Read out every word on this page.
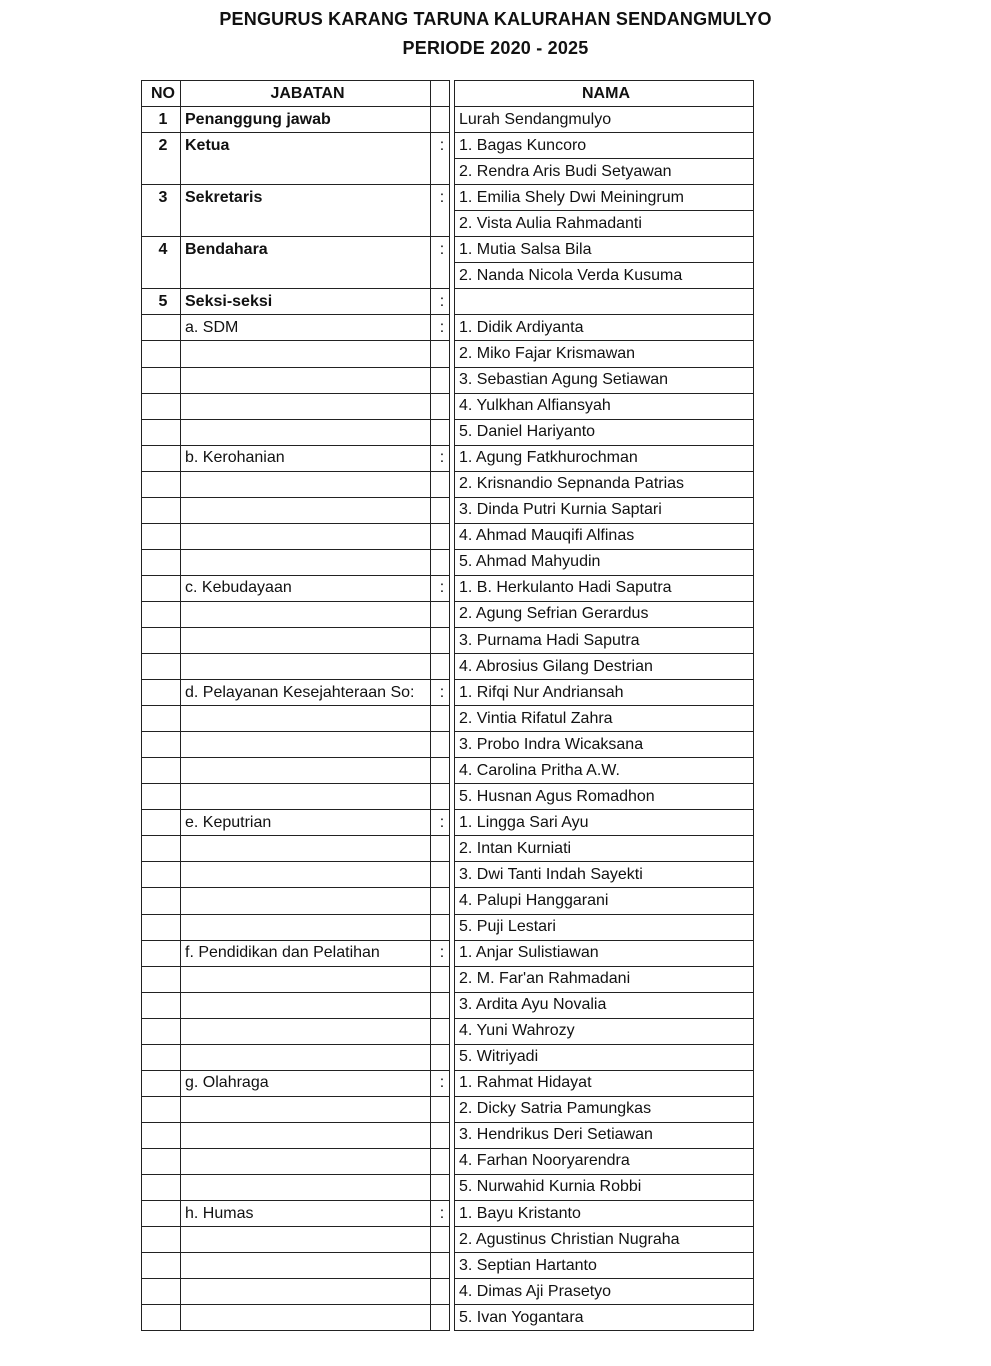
PENGURUS KARANG TARUNA KALURAHAN SENDANGMULYO
PERIODE 2020 - 2025
NO	JABATAN			NAMA
1	Penanggung jawab			Lurah Sendangmulyo
2	Ketua	:		1. Bagas Kuncoro
				2. Rendra Aris Budi Setyawan
3	Sekretaris	:		1. Emilia Shely Dwi Meiningrum
				2. Vista Aulia Rahmadanti
4	Bendahara	:		1. Mutia Salsa Bila
				2. Nanda Nicola Verda Kusuma
5	Seksi-seksi	:		
	a. SDM	:		1. Didik Ardiyanta
				2. Miko Fajar Krismawan
				3. Sebastian Agung Setiawan
				4. Yulkhan Alfiansyah
				5. Daniel Hariyanto
	b. Kerohanian	:		1. Agung Fatkhurochman
				2. Krisnandio Sepnanda Patrias
				3. Dinda Putri Kurnia Saptari
				4. Ahmad Mauqifi Alfinas
				5. Ahmad Mahyudin
	c. Kebudayaan	:		1. B. Herkulanto Hadi Saputra
				2. Agung Sefrian Gerardus
				3. Purnama Hadi Saputra
				4. Abrosius Gilang Destrian
	d. Pelayanan Kesejahteraan So:	:		1. Rifqi Nur Andriansah
				2. Vintia Rifatul Zahra
				3. Probo Indra Wicaksana
				4. Carolina Pritha A.W.
				5. Husnan Agus Romadhon
	e. Keputrian	:		1. Lingga Sari Ayu
				2. Intan Kurniati
				3. Dwi Tanti Indah Sayekti
				4. Palupi Hanggarani
				5. Puji Lestari
	f. Pendidikan dan Pelatihan	:		1. Anjar Sulistiawan
				2. M. Far'an Rahmadani
				3. Ardita Ayu Novalia
				4. Yuni Wahrozy
				5. Witriyadi
	g. Olahraga	:		1. Rahmat Hidayat
				2. Dicky Satria Pamungkas
				3. Hendrikus Deri Setiawan
				4. Farhan Nooryarendra
				5. Nurwahid Kurnia Robbi
	h. Humas	:		1. Bayu Kristanto
				2. Agustinus Christian Nugraha
				3. Septian Hartanto
				4. Dimas Aji Prasetyo
				5. Ivan Yogantara
